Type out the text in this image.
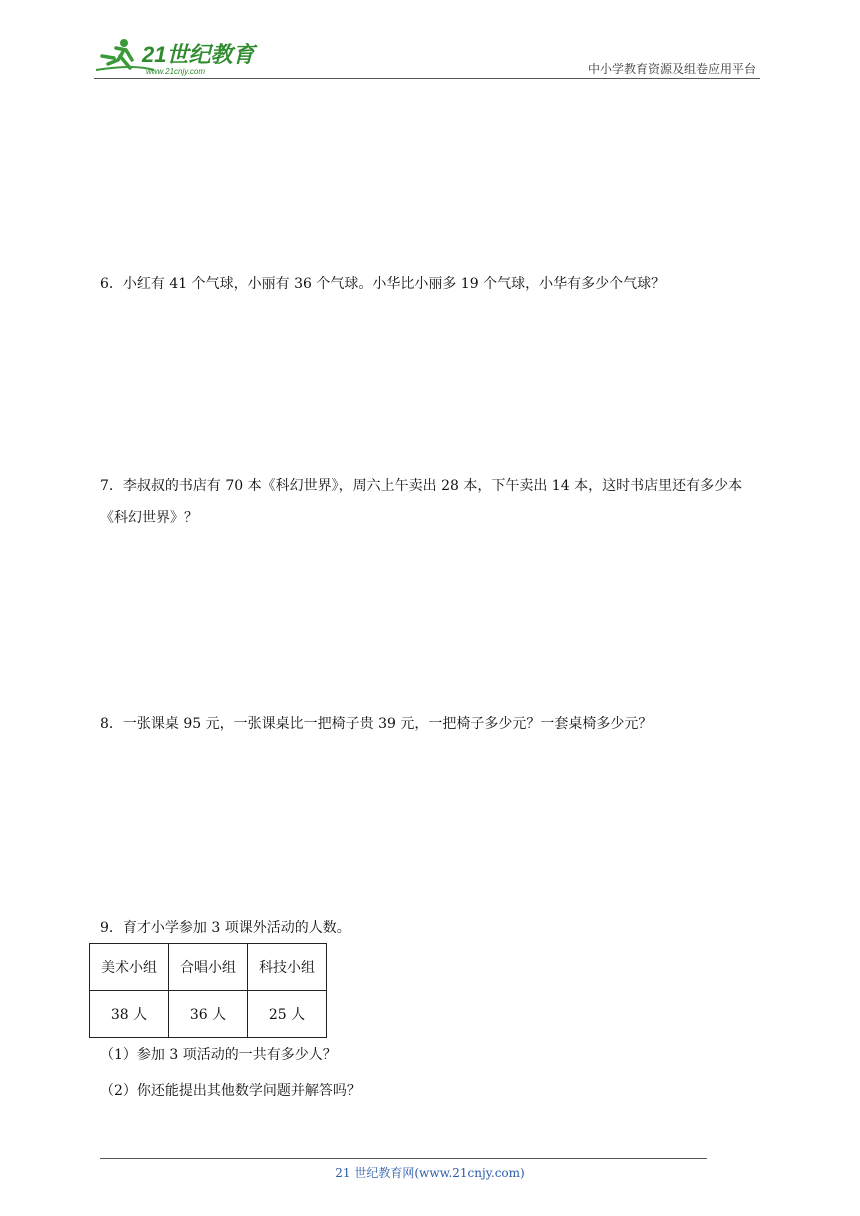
21世纪教育
www.21cnjy.com	中小学教育资源及组卷应用平台
6．小红有 41 个气球，小丽有 36 个气球。小华比小丽多 19 个气球，小华有多少个气球？
7．李叔叔的书店有 70 本《科幻世界》，周六上午卖出 28 本，下午卖出 14 本，这时书店里还有多少本《科幻世界》？
8．一张课桌 95 元，一张课桌比一把椅子贵 39 元，一把椅子多少元？一套桌椅多少元？
9．育才小学参加 3 项课外活动的人数。
美术小组	合唱小组	科技小组
38 人	36 人	25 人
（1）参加 3 项活动的一共有多少人？
（2）你还能提出其他数学问题并解答吗？
21 世纪教育网(www.21cnjy.com)
